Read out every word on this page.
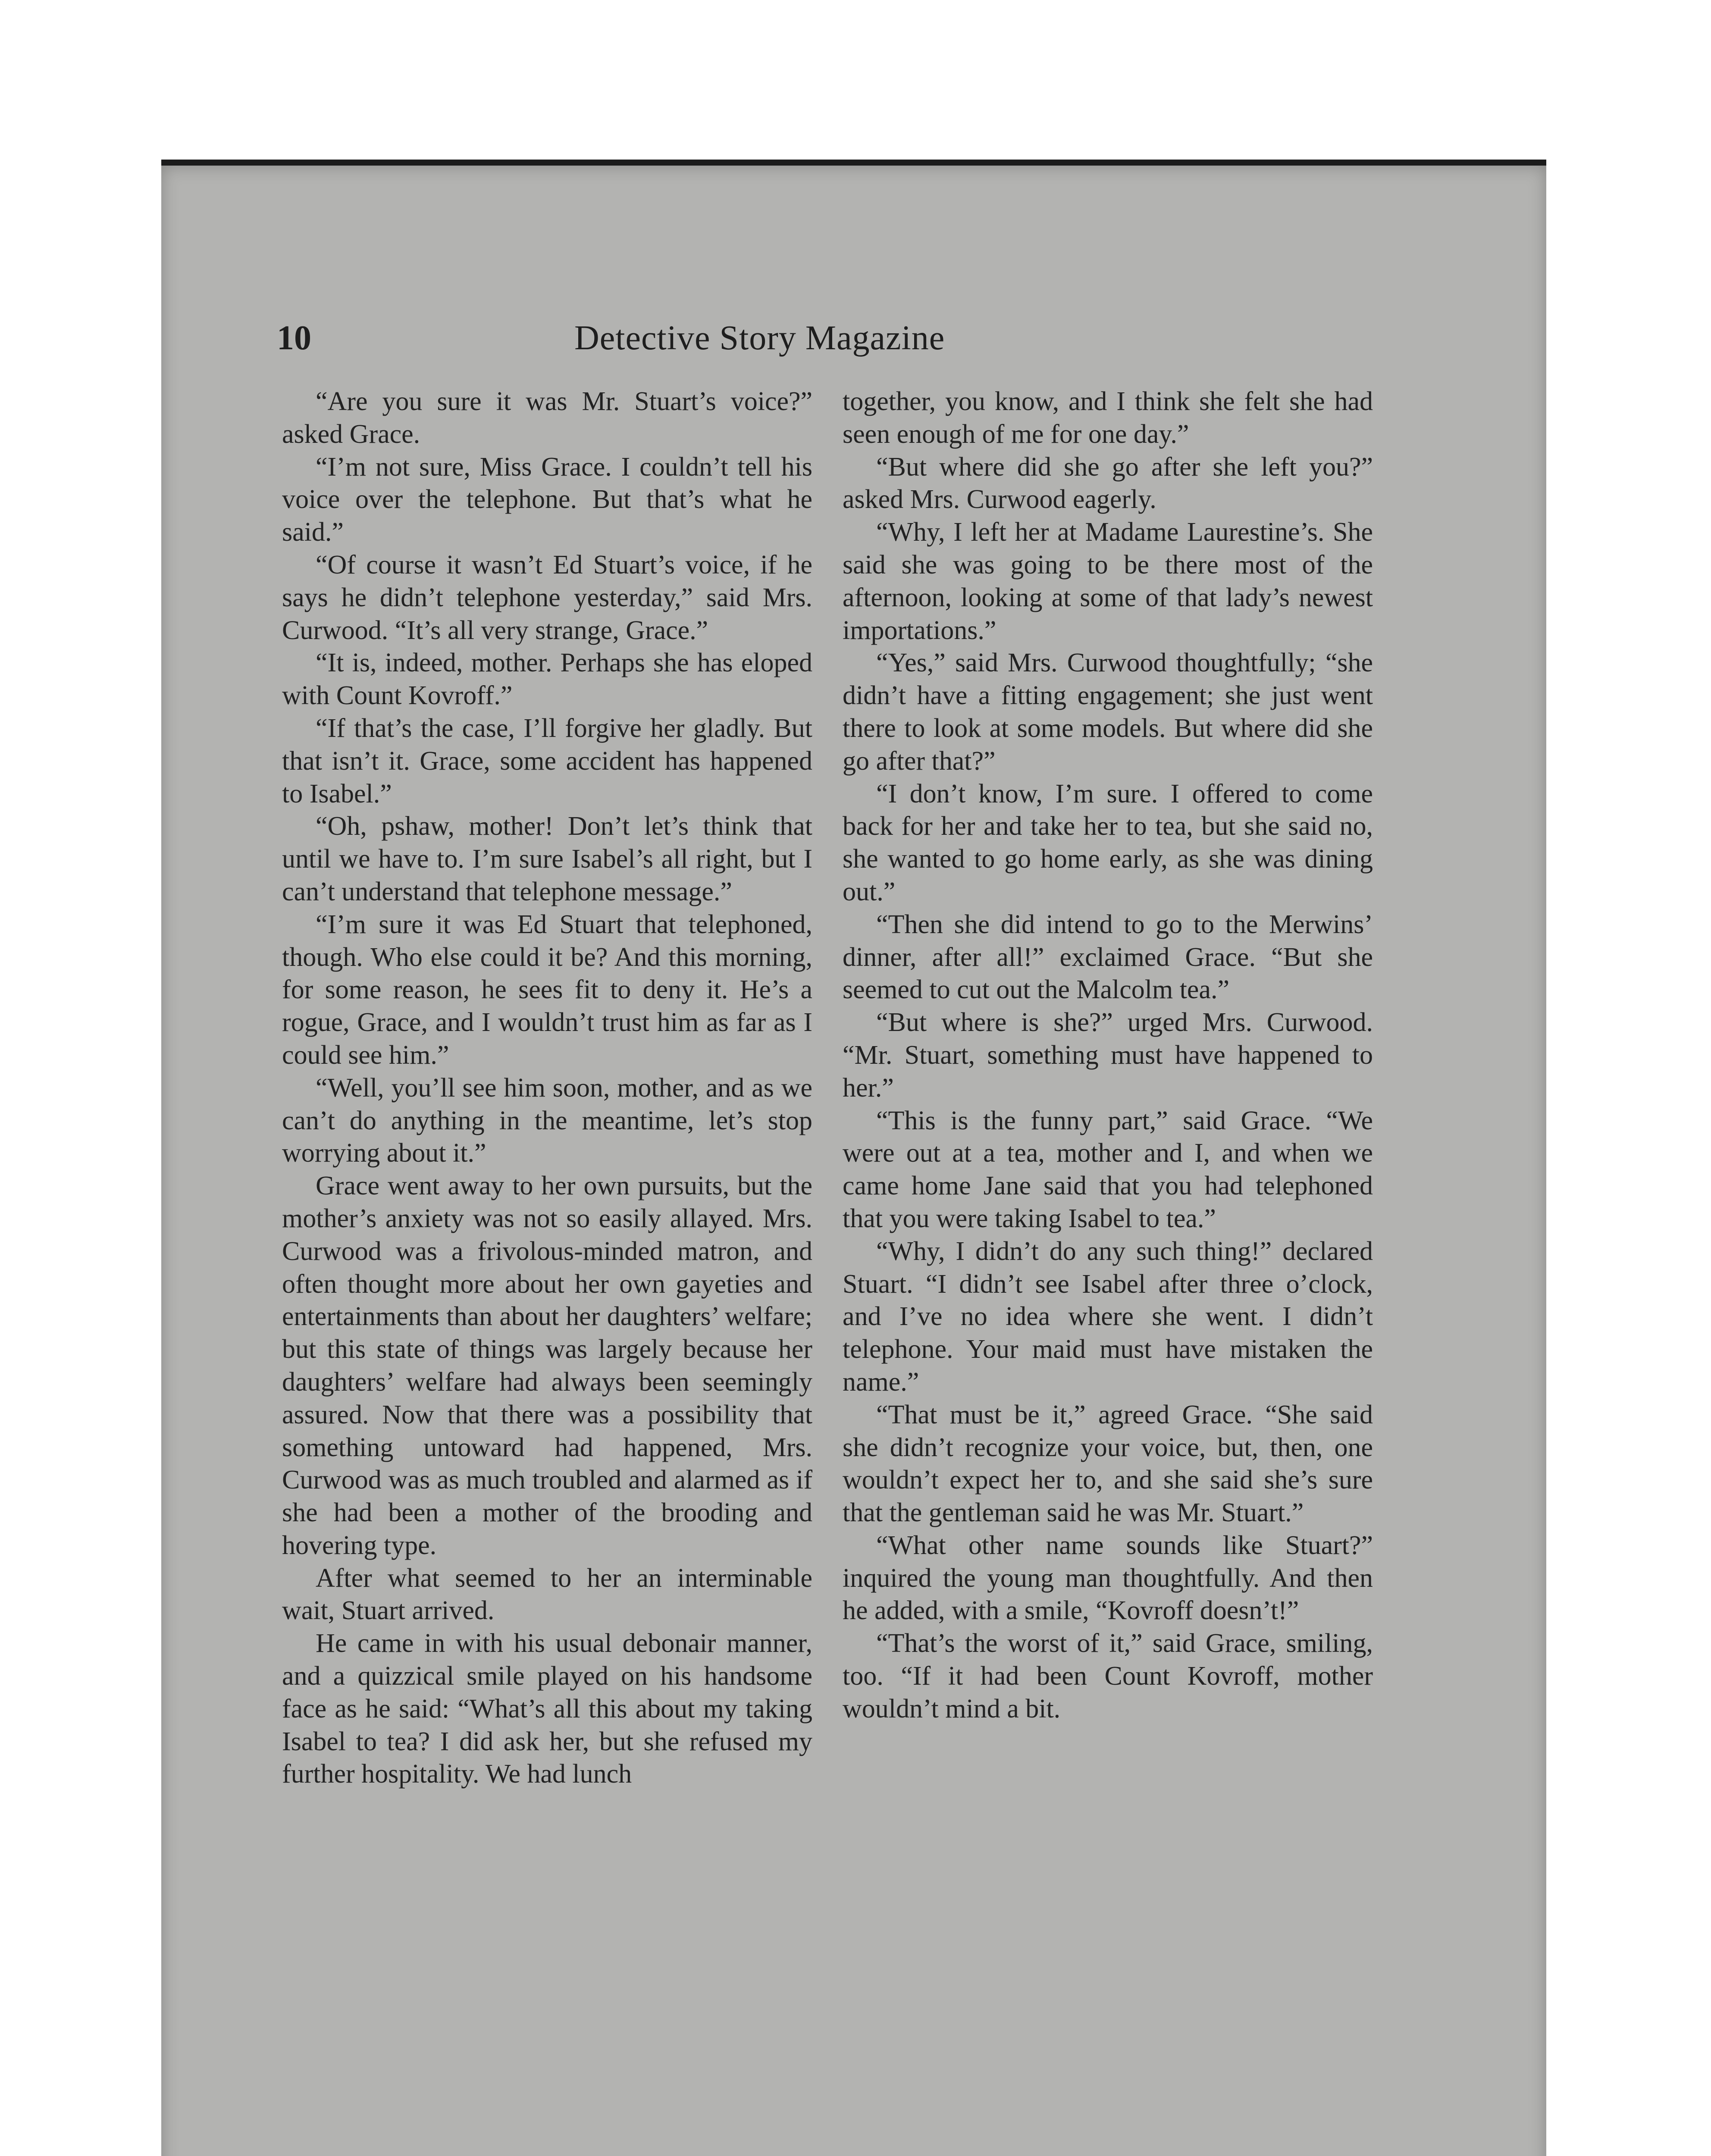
10	Detective Story Magazine

“Are you sure it was Mr. Stuart’s voice?” asked Grace.

“I’m not sure, Miss Grace. I couldn’t tell his voice over the telephone. But that’s what he said.”

“Of course it wasn’t Ed Stuart’s voice, if he says he didn’t telephone yesterday,” said Mrs. Curwood. “It’s all very strange, Grace.”

“It is, indeed, mother. Perhaps she has eloped with Count Kovroff.”

“If that’s the case, I’ll forgive her gladly. But that isn’t it. Grace, some accident has happened to Isabel.”

“Oh, pshaw, mother! Don’t let’s think that until we have to. I’m sure Isabel’s all right, but I can’t understand that telephone message.”

“I’m sure it was Ed Stuart that telephoned, though. Who else could it be? And this morning, for some reason, he sees fit to deny it. He’s a rogue, Grace, and I wouldn’t trust him as far as I could see him.”

“Well, you’ll see him soon, mother, and as we can’t do anything in the meantime, let’s stop worrying about it.”

Grace went away to her own pursuits, but the mother’s anxiety was not so easily allayed. Mrs. Curwood was a frivolous-minded matron, and often thought more about her own gayeties and entertainments than about her daughters’ welfare; but this state of things was largely because her daughters’ welfare had always been seemingly assured. Now that there was a possibility that something untoward had happened, Mrs. Curwood was as much troubled and alarmed as if she had been a mother of the brooding and hovering type.

After what seemed to her an interminable wait, Stuart arrived.

He came in with his usual debonair manner, and a quizzical smile played on his handsome face as he said: “What’s all this about my taking Isabel to tea? I did ask her, but she refused my further hospitality. We had lunch

together, you know, and I think she felt she had seen enough of me for one day.”

“But where did she go after she left you?” asked Mrs. Curwood eagerly.

“Why, I left her at Madame Laurestine’s. She said she was going to be there most of the afternoon, looking at some of that lady’s newest importations.”

“Yes,” said Mrs. Curwood thoughtfully; “she didn’t have a fitting engagement; she just went there to look at some models. But where did she go after that?”

“I don’t know, I’m sure. I offered to come back for her and take her to tea, but she said no, she wanted to go home early, as she was dining out.”

“Then she did intend to go to the Merwins’ dinner, after all!” exclaimed Grace. “But she seemed to cut out the Malcolm tea.”

“But where is she?” urged Mrs. Curwood. “Mr. Stuart, something must have happened to her.”

“This is the funny part,” said Grace. “We were out at a tea, mother and I, and when we came home Jane said that you had telephoned that you were taking Isabel to tea.”

“Why, I didn’t do any such thing!” declared Stuart. “I didn’t see Isabel after three o’clock, and I’ve no idea where she went. I didn’t telephone. Your maid must have mistaken the name.”

“That must be it,” agreed Grace. “She said she didn’t recognize your voice, but, then, one wouldn’t expect her to, and she said she’s sure that the gentleman said he was Mr. Stuart.”

“What other name sounds like Stuart?” inquired the young man thoughtfully. And then he added, with a smile, “Kovroff doesn’t!”

“That’s the worst of it,” said Grace, smiling, too. “If it had been Count Kovroff, mother wouldn’t mind a bit.
